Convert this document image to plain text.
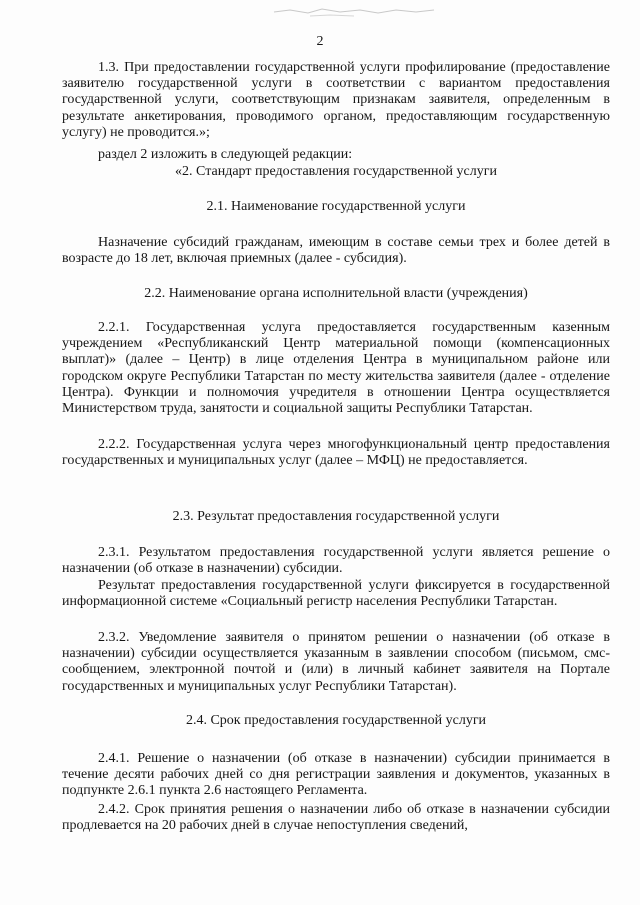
2
1.3. При предоставлении государственной услуги профилирование (предоставление заявителю государственной услуги в соответствии с вариантом предоставления государственной услуги, соответствующим признакам заявителя, определенным в результате анкетирования, проводимого органом, предоставляющим государственную услугу) не проводится.»;
раздел 2 изложить в следующей редакции:
«2. Стандарт предоставления государственной услуги
2.1. Наименование государственной услуги
Назначение субсидий гражданам, имеющим в составе семьи трех и более детей в возрасте до 18 лет, включая приемных (далее - субсидия).
2.2. Наименование органа исполнительной власти (учреждения)
2.2.1. Государственная услуга предоставляется государственным казенным учреждением «Республиканский Центр материальной помощи (компенсационных выплат)» (далее – Центр) в лице отделения Центра в муниципальном районе или городском округе Республики Татарстан по месту жительства заявителя (далее - отделение Центра). Функции и полномочия учредителя в отношении Центра осуществляется Министерством труда, занятости и социальной защиты Республики Татарстан.
2.2.2. Государственная услуга через многофункциональный центр предоставления государственных и муниципальных услуг (далее – МФЦ) не предоставляется.
2.3. Результат предоставления государственной услуги
2.3.1. Результатом предоставления государственной услуги является решение о назначении (об отказе в назначении) субсидии.
Результат предоставления государственной услуги фиксируется в государственной информационной системе «Социальный регистр населения Республики Татарстан.
2.3.2. Уведомление заявителя о принятом решении о назначении (об отказе в назначении) субсидии осуществляется указанным в заявлении способом (письмом, смс-сообщением, электронной почтой и (или) в личный кабинет заявителя на Портале государственных и муниципальных услуг Республики Татарстан).
2.4. Срок предоставления государственной услуги
2.4.1. Решение о назначении (об отказе в назначении) субсидии принимается в течение десяти рабочих дней со дня регистрации заявления и документов, указанных в подпункте 2.6.1 пункта 2.6 настоящего Регламента.
2.4.2. Срок принятия решения о назначении либо об отказе в назначении субсидии продлевается на 20 рабочих дней в случае непоступления сведений,
